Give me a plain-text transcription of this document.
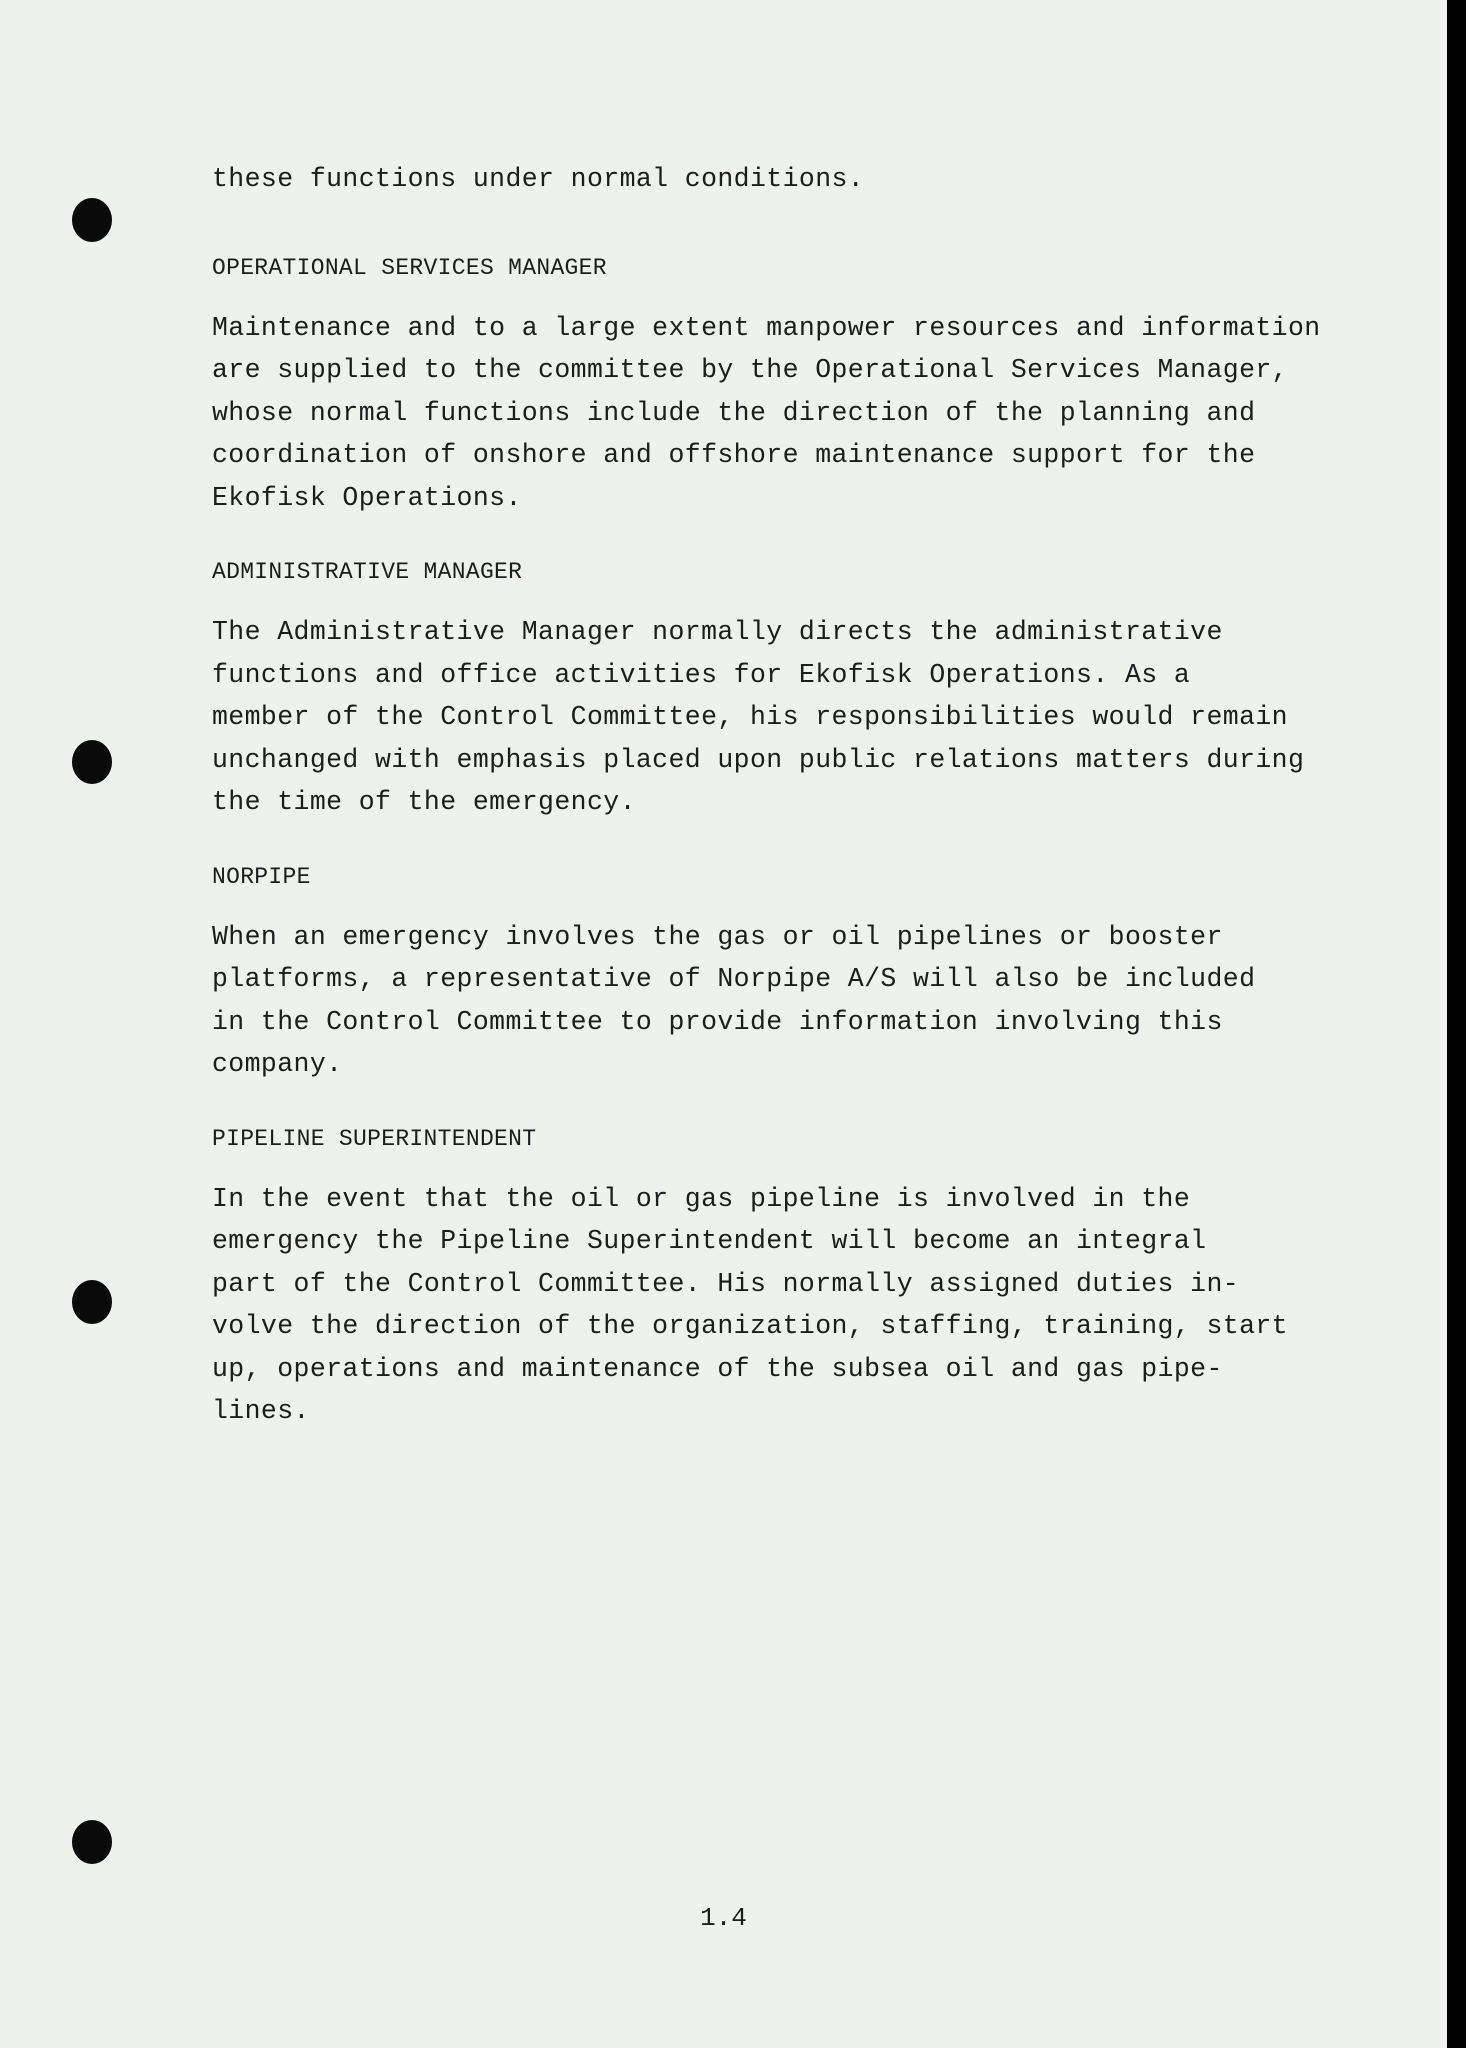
these functions under normal conditions.

OPERATIONAL SERVICES MANAGER

Maintenance and to a large extent manpower resources and information
are supplied to the committee by the Operational Services Manager,
whose normal functions include the direction of the planning and
coordination of onshore and offshore maintenance support for the
Ekofisk Operations.

ADMINISTRATIVE MANAGER

The Administrative Manager normally directs the administrative
functions and office activities for Ekofisk Operations. As a
member of the Control Committee, his responsibilities would remain
unchanged with emphasis placed upon public relations matters during
the time of the emergency.

NORPIPE

When an emergency involves the gas or oil pipelines or booster
platforms, a representative of Norpipe A/S will also be included
in the Control Committee to provide information involving this
company.

PIPELINE SUPERINTENDENT

In the event that the oil or gas pipeline is involved in the
emergency the Pipeline Superintendent will become an integral
part of the Control Committee. His normally assigned duties in-
volve the direction of the organization, staffing, training, start
up, operations and maintenance of the subsea oil and gas pipe-
lines.

1.4
